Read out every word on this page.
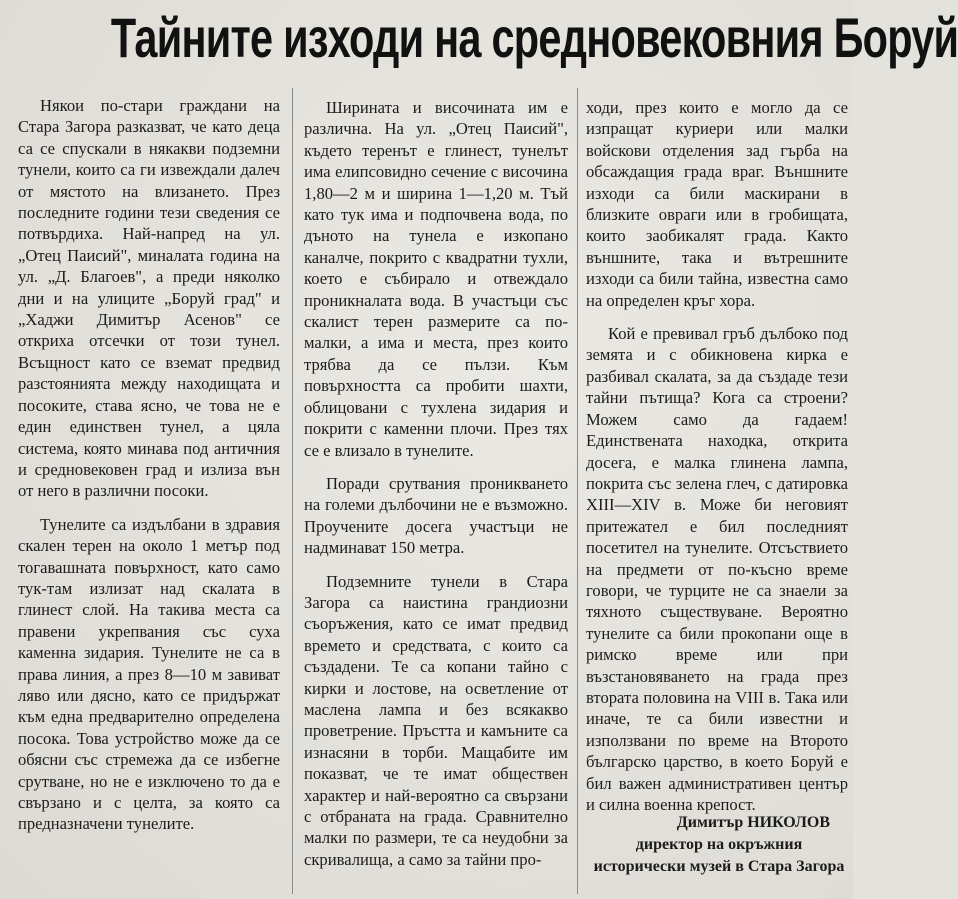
Тайните изходи на средновековния Боруй

Някои по-стари граждани на Стара Загора разказват, че като деца са се спускали в някакви подземни тунели, които са ги извеждали далеч от мястото на влизането. През последните години тези сведения се потвърдиха. Най-напред на ул. „Отец Паисий", миналата година на ул. „Д. Благоев", а преди няколко дни и на улиците „Боруй град" и „Хаджи Димитър Асенов" се откриха отсечки от този тунел. Всъщност като се вземат предвид разстоянията между находищата и посоките, става ясно, че това не е един единствен тунел, а цяла система, която минава под античния и средновековен град и излиза вън от него в различни посоки.

Тунелите са издълбани в здравия скален терен на около 1 метър под тогавашната повърхност, като само тук-там излизат над скалата в глинест слой. На такива места са правени укрепвания със суха каменна зидария. Тунелите не са в права линия, а през 8—10 м завиват ляво или дясно, като се придържат към една предварително определена посока. Това устройство може да се обясни със стремежа да се избегне срутване, но не е изключено то да е свързано и с целта, за която са предназначени тунелите.

Ширината и височината им е различна. На ул. „Отец Паисий", където теренът е глинест, тунелът има елипсовидно сечение с височина 1,80—2 м и ширина 1—1,20 м. Тъй като тук има и подпочвена вода, по дъното на тунела е изкопано каналче, покрито с квадратни тухли, което е събирало и отвеждало проникналата вода. В участъци със скалист терен размерите са по-малки, а има и места, през които трябва да се пълзи. Към повърхността са пробити шахти, облицовани с тухлена зидария и покрити с каменни плочи. През тях се е влизало в тунелите.

Поради срутвания проникването на големи дълбочини не е възможно. Проучените досега участъци не надминават 150 метра.

Подземните тунели в Стара Загора са наистина грандиозни съоръжения, като се имат предвид времето и средствата, с които са създадени. Те са копани тайно с кирки и лостове, на осветление от маслена лампа и без всякакво проветрение. Пръстта и камъните са изнасяни в торби. Мащабите им показват, че те имат обществен характер и най-вероятно са свързани с отбраната на града. Сравнително малки по размери, те са неудобни за скривалища, а само за тайни про-

ходи, през които е могло да се изпращат куриери или малки войскови отделения зад гърба на обсаждащия града враг. Външните изходи са били маскирани в близките овраги или в гробищата, които заобикалят града. Както външните, така и вътрешните изходи са били тайна, известна само на определен кръг хора.

Кой е превивал гръб дълбоко под земята и с обикновена кирка е разбивал скалата, за да създаде тези тайни пътища? Кога са строени? Можем само да гадаем! Единствената находка, открита досега, е малка глинена лампа, покрита със зелена глеч, с датировка XIII—XIV в. Може би неговият притежател е бил последният посетител на тунелите. Отсъствието на предмети от по-късно време говори, че турците не са знаели за тяхното съществуване. Вероятно тунелите са били прокопани още в римско време или при възстановяването на града през втората половина на VIII в. Така или иначе, те са били известни и използвани по време на Второто българско царство, в което Боруй е бил важен административен център и силна военна крепост.

Димитър НИКОЛОВ
директор на окръжния исторически музей в Стара Загора
